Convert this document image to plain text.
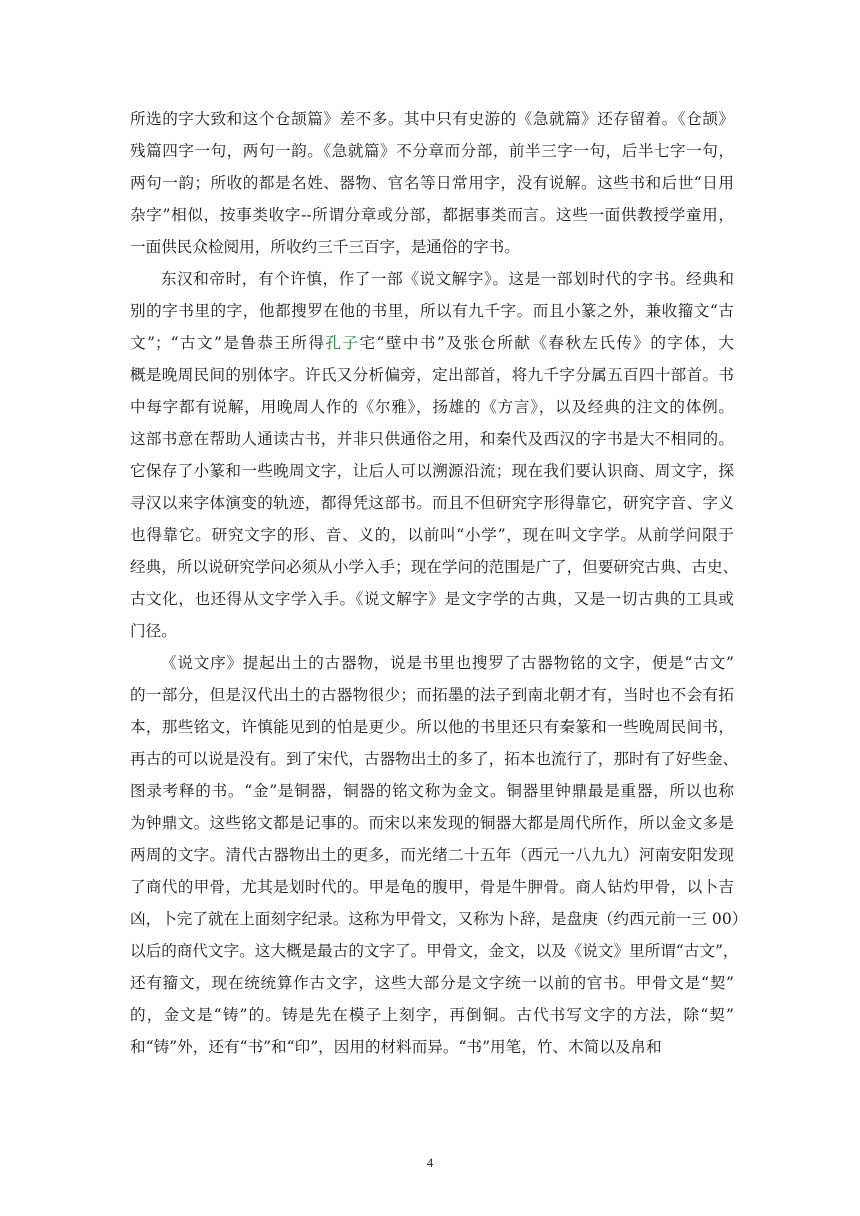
所选的字大致和这个仓颉篇》差不多。其中只有史游的《急就篇》还存留着。《仓颉》
残篇四字一句，两句一韵。《急就篇》不分章而分部，前半三字一句，后半七字一句，
两句一韵；所收的都是名姓、器物、官名等日常用字，没有说解。这些书和后世“日用
杂字”相似，按事类收字--所谓分章或分部，都据事类而言。这些一面供教授学童用，
一面供民众检阅用，所收约三千三百字，是通俗的字书。
东汉和帝时，有个许慎，作了一部《说文解字》。这是一部划时代的字书。经典和
别的字书里的字，他都搜罗在他的书里，所以有九千字。而且小篆之外，兼收籀文“古
文”；“古文”是鲁恭王所得孔子宅“壁中书”及张仓所献《春秋左氏传》的字体，大
概是晚周民间的别体字。许氏又分析偏旁，定出部首，将九千字分属五百四十部首。书
中每字都有说解，用晚周人作的《尔雅》，扬雄的《方言》，以及经典的注文的体例。
这部书意在帮助人通读古书，并非只供通俗之用，和秦代及西汉的字书是大不相同的。
它保存了小篆和一些晚周文字，让后人可以溯源沿流；现在我们要认识商、周文字，探
寻汉以来字体演变的轨迹，都得凭这部书。而且不但研究字形得靠它，研究字音、字义
也得靠它。研究文字的形、音、义的，以前叫“小学”，现在叫文字学。从前学问限于
经典，所以说研究学问必须从小学入手；现在学问的范围是广了，但要研究古典、古史、
古文化，也还得从文字学入手。《说文解字》是文字学的古典，又是一切古典的工具或
门径。
《说文序》提起出土的古器物，说是书里也搜罗了古器物铭的文字，便是“古文”
的一部分，但是汉代出土的古器物很少；而拓墨的法子到南北朝才有，当时也不会有拓
本，那些铭文，许慎能见到的怕是更少。所以他的书里还只有秦篆和一些晚周民间书，
再古的可以说是没有。到了宋代，古器物出土的多了，拓本也流行了，那时有了好些金、
图录考释的书。“金”是铜器，铜器的铭文称为金文。铜器里钟鼎最是重器，所以也称
为钟鼎文。这些铭文都是记事的。而宋以来发现的铜器大都是周代所作，所以金文多是
两周的文字。清代古器物出土的更多，而光绪二十五年（西元一八九九）河南安阳发现
了商代的甲骨，尤其是划时代的。甲是龟的腹甲，骨是牛胛骨。商人钻灼甲骨，以卜吉
凶，卜完了就在上面刻字纪录。这称为甲骨文，又称为卜辞，是盘庚（约西元前一三 00）
以后的商代文字。这大概是最古的文字了。甲骨文，金文，以及《说文》里所谓“古文”，
还有籀文，现在统统算作古文字，这些大部分是文字统一以前的官书。甲骨文是“契”
的，金文是“铸”的。铸是先在模子上刻字，再倒铜。古代书写文字的方法，除“契”
和“铸”外，还有“书”和“印”，因用的材料而异。“书”用笔，竹、木简以及帛和
4
